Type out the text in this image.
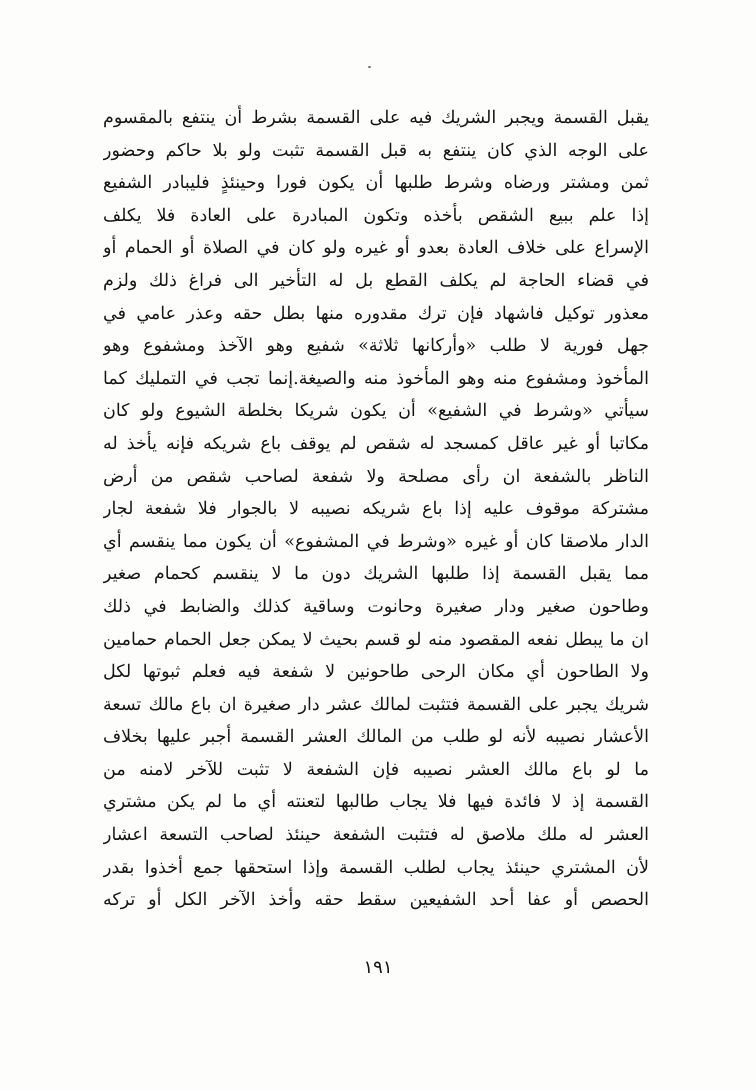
يقبل القسمة ويجبر الشريك فيه على القسمة بشرط أن ينتفع بالمقسوم
على الوجه الذي كان ينتفع به قبل القسمة تثبت ولو بلا حاكم وحضور
ثمن ومشتر ورضاه وشرط طلبها أن يكون فورا وحينئذٍ فليبادر الشفيع
إذا علم ببيع الشقص بأخذه وتكون المبادرة على العادة فلا يكلف
الإسراع على خلاف العادة بعدو أو غيره ولو كان في الصلاة أو الحمام أو
في قضاء الحاجة لم يكلف القطع بل له التأخير الى فراغ ذلك ولزم
معذور توكيل فاشهاد فإن ترك مقدوره منها بطل حقه وعذر عامي في
جهل فورية لا طلب «وأركانها ثلاثة» شفيع وهو الآخذ ومشفوع وهو
المأخوذ ومشفوع منه وهو المأخوذ منه والصيغة.إنما تجب في التمليك كما
سيأتي «وشرط في الشفيع» أن يكون شريكا بخلطة الشيوع ولو كان
مكاتبا أو غير عاقل كمسجد له شقص لم يوقف باع شريكه فإنه يأخذ له
الناظر بالشفعة ان رأى مصلحة ولا شفعة لصاحب شقص من أرض
مشتركة موقوف عليه إذا باع شريكه نصيبه لا بالجوار فلا شفعة لجار
الدار ملاصقا كان أو غيره «وشرط في المشفوع» أن يكون مما ينقسم أي
مما يقبل القسمة إذا طلبها الشريك دون ما لا ينقسم كحمام صغير
وطاحون صغير ودار صغيرة وحانوت وساقية كذلك والضابط في ذلك
ان ما يبطل نفعه المقصود منه لو قسم بحيث لا يمكن جعل الحمام حمامين
ولا الطاحون أي مكان الرحى طاحونين لا شفعة فيه فعلم ثبوتها لكل
شريك يجبر على القسمة فتثبت لمالك عشر دار صغيرة ان باع مالك تسعة
الأعشار نصيبه لأنه لو طلب من المالك العشر القسمة أجبر عليها بخلاف
ما لو باع مالك العشر نصيبه فإن الشفعة لا تثبت للآخر لامنه من
القسمة إذ لا فائدة فيها فلا يجاب طالبها لتعنته أي ما لم يكن مشتري
العشر له ملك ملاصق له فتثبت الشفعة حينئذ لصاحب التسعة اعشار
لأن المشتري حينئذ يجاب لطلب القسمة وإذا استحقها جمع أخذوا بقدر
الحصص أو عفا أحد الشفيعين سقط حقه وأخذ الآخر الكل أو تركه
١٩١
